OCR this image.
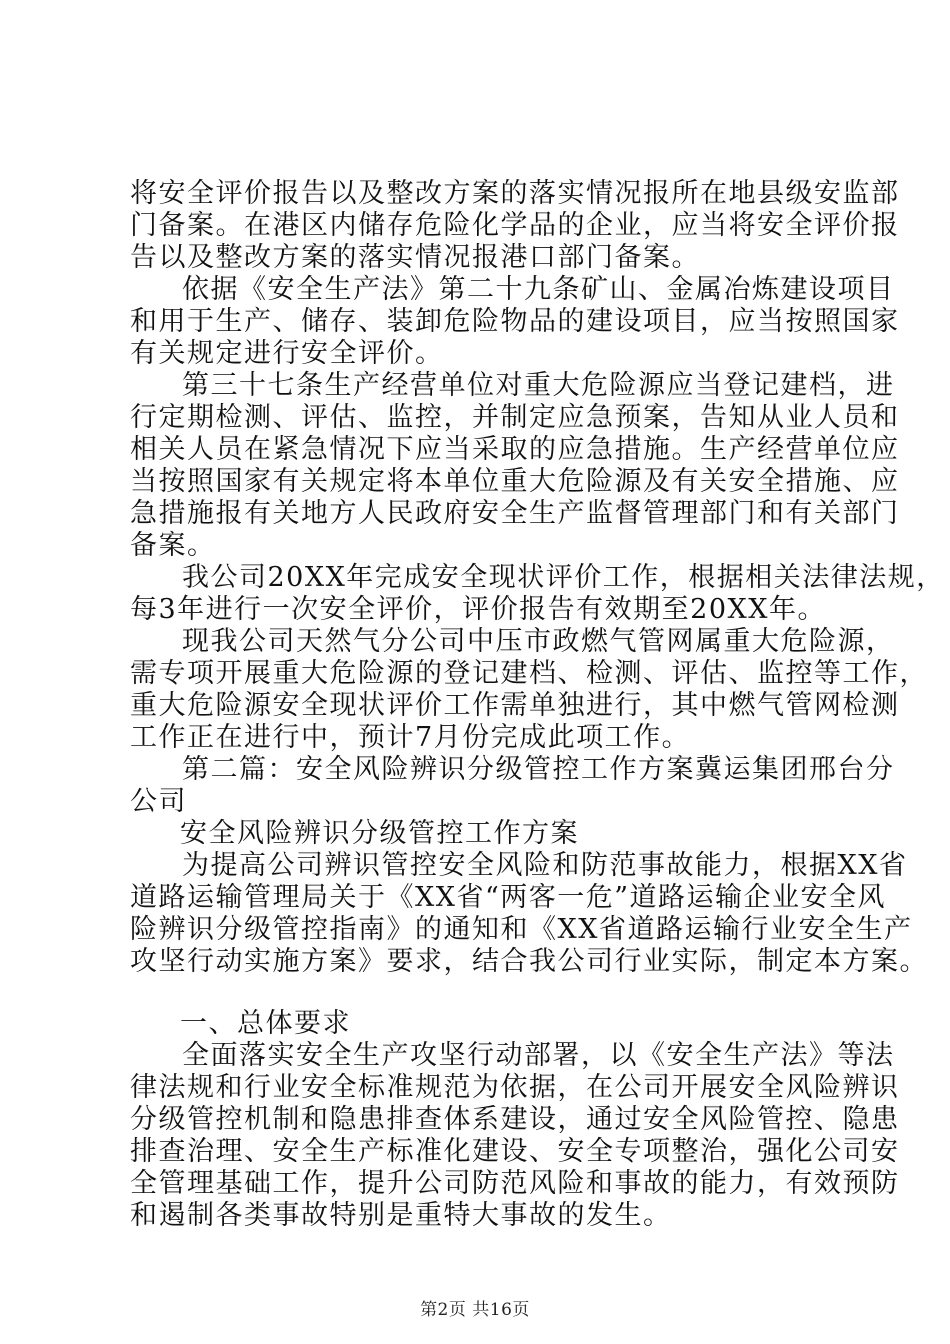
将安全评价报告以及整改方案的落实情况报所在地县级安监部
门备案。在港区内储存危险化学品的企业，应当将安全评价报
告以及整改方案的落实情况报港口部门备案。
依据《安全生产法》第二十九条矿山、金属冶炼建设项目
和用于生产、储存、装卸危险物品的建设项目，应当按照国家
有关规定进行安全评价。
第三十七条生产经营单位对重大危险源应当登记建档，进
行定期检测、评估、监控，并制定应急预案，告知从业人员和
相关人员在紧急情况下应当采取的应急措施。生产经营单位应
当按照国家有关规定将本单位重大危险源及有关安全措施、应
急措施报有关地方人民政府安全生产监督管理部门和有关部门
备案。
我公司20XX年完成安全现状评价工作，根据相关法律法规，
每3年进行一次安全评价，评价报告有效期至20XX年。
现我公司天然气分公司中压市政燃气管网属重大危险源，
需专项开展重大危险源的登记建档、检测、评估、监控等工作，
重大危险源安全现状评价工作需单独进行，其中燃气管网检测
工作正在进行中，预计7月份完成此项工作。
第二篇：安全风险辨识分级管控工作方案冀运集团邢台分
公司
安全风险辨识分级管控工作方案
为提高公司辨识管控安全风险和防范事故能力，根据XX省
道路运输管理局关于《XX省“两客一危”道路运输企业安全风
险辨识分级管控指南》的通知和《XX省道路运输行业安全生产
攻坚行动实施方案》要求，结合我公司行业实际，制定本方案。
一、总体要求
全面落实安全生产攻坚行动部署，以《安全生产法》等法
律法规和行业安全标准规范为依据，在公司开展安全风险辨识
分级管控机制和隐患排查体系建设，通过安全风险管控、隐患
排查治理、安全生产标准化建设、安全专项整治，强化公司安
全管理基础工作，提升公司防范风险和事故的能力，有效预防
和遏制各类事故特别是重特大事故的发生。
第2页 共16页
